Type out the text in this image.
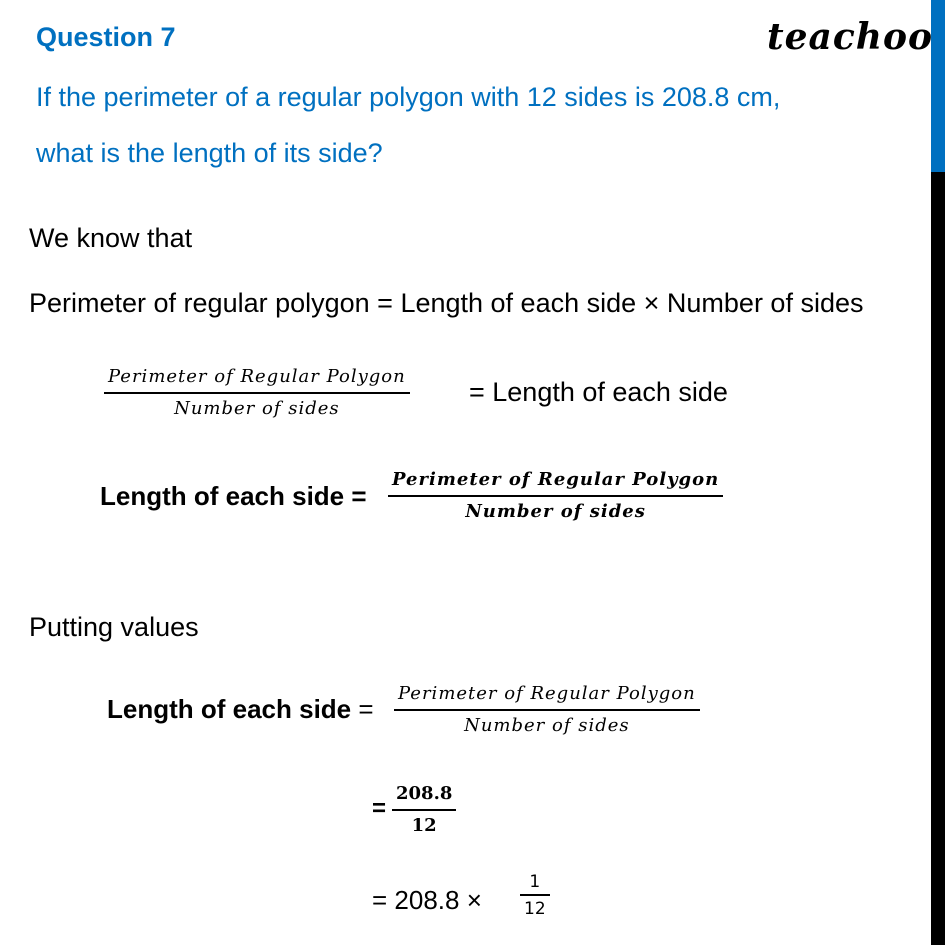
Question 7	teachoo
If the perimeter of a regular polygon with 12 sides is 208.8 cm,
what is the length of its side?
We know that
Perimeter of regular polygon = Length of each side × Number of sides
Perimeter of Regular Polygon
Number of sides
= Length of each side
Length of each side =
Perimeter of Regular Polygon
Number of sides
Putting values
Length of each side =
Perimeter of Regular Polygon
Number of sides
=
208.8
12
= 208.8 ×
1
12
